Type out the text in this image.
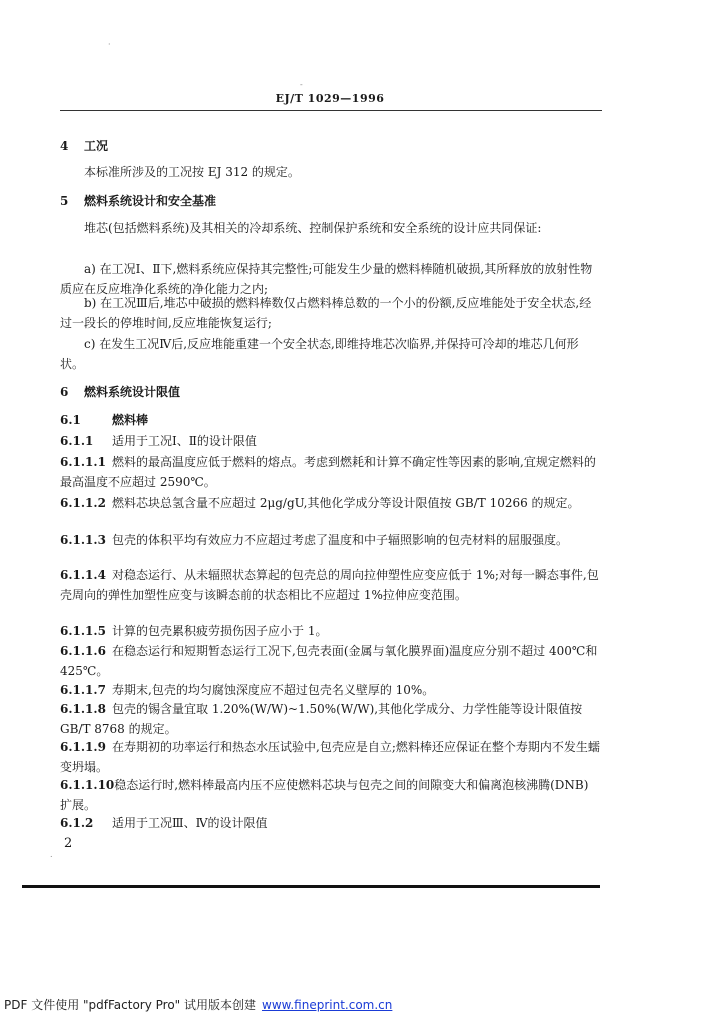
·
-
EJ/T 1029—1996
4 工况

本标准所涉及的工况按 EJ 312 的规定。

5 燃料系统设计和安全基准

堆芯(包括燃料系统)及其相关的冷却系统、控制保护系统和安全系统的设计应共同保证:

a) 在工况Ⅰ、Ⅱ下,燃料系统应保持其完整性;可能发生少量的燃料棒随机破损,其所释放的放射性物质应在反应堆净化系统的净化能力之内;

b) 在工况Ⅲ后,堆芯中破损的燃料棒数仅占燃料棒总数的一个小的份额,反应堆能处于安全状态,经过一段长的停堆时间,反应堆能恢复运行;

c) 在发生工况Ⅳ后,反应堆能重建一个安全状态,即维持堆芯次临界,并保持可冷却的堆芯几何形状。

6 燃料系统设计限值
6.1	燃料棒
6.1.1 适用于工况Ⅰ、Ⅱ的设计限值

6.1.1.1 燃料的最高温度应低于燃料的熔点。考虑到燃耗和计算不确定性等因素的影响,宜规定燃料的最高温度不应超过 2590℃。

6.1.1.2 燃料芯块总氢含量不应超过 2μg/gU,其他化学成分等设计限值按 GB/T 10266 的规定。

6.1.1.3 包壳的体积平均有效应力不应超过考虑了温度和中子辐照影响的包壳材料的屈服强度。

6.1.1.4 对稳态运行、从未辐照状态算起的包壳总的周向拉伸塑性应变应低于 1%;对每一瞬态事件,包壳周向的弹性加塑性应变与该瞬态前的状态相比不应超过 1%拉伸应变范围。

6.1.1.5 计算的包壳累积疲劳损伤因子应小于 1。

6.1.1.6 在稳态运行和短期暂态运行工况下,包壳表面(金属与氧化膜界面)温度应分别不超过 400℃和 425℃。

6.1.1.7 寿期末,包壳的均匀腐蚀深度应不超过包壳名义壁厚的 10%。

6.1.1.8 包壳的锡含量宜取 1.20%(W/W)~1.50%(W/W),其他化学成分、力学性能等设计限值按 GB/T 8768 的规定。

6.1.1.9 在寿期初的功率运行和热态水压试验中,包壳应是自立;燃料棒还应保证在整个寿期内不发生蠕变坍塌。

6.1.1.10稳态运行时,燃料棒最高内压不应使燃料芯块与包壳之间的间隙变大和偏离泡核沸腾(DNB)扩展。

6.1.2 适用于工况Ⅲ、Ⅳ的设计限值
2
.
PDF 文件使用 "pdfFactory Pro" 试用版本创建 www.fineprint.com.cn
